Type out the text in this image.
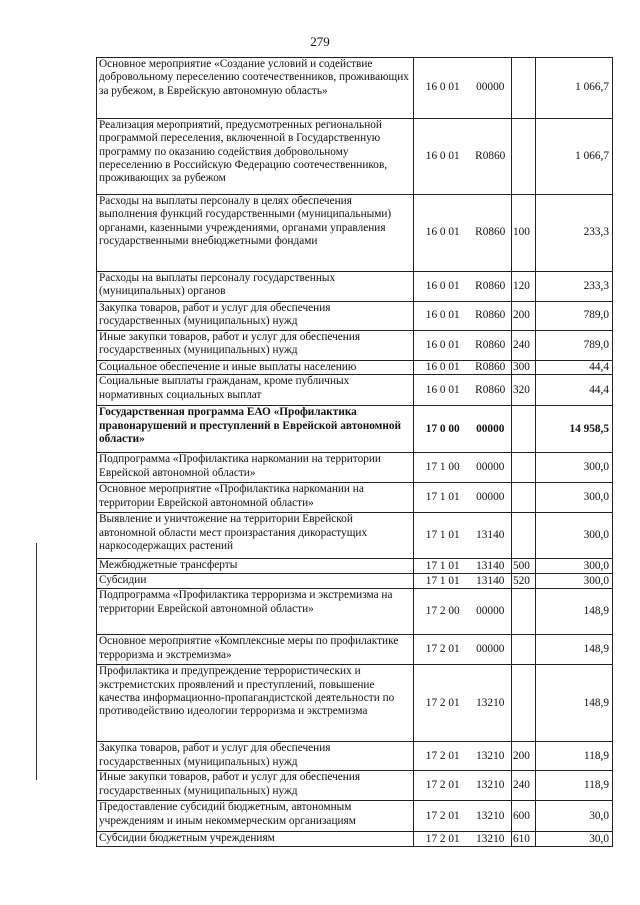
279
Основное мероприятие «Создание условий и содействие добровольному переселению соотечественников, проживающих за рубежом, в Еврейскую автономную область»	16 0 01	00000		1 066,7
Реализация мероприятий, предусмотренных региональной программой переселения, включенной в Государственную программу по оказанию содействия добровольному переселению в Российскую Федерацию соотечественников, проживающих за рубежом	16 0 01	R0860		1 066,7
Расходы на выплаты персоналу в целях обеспечения выполнения функций государственными (муниципальными) органами, казенными учреждениями, органами управления государственными внебюджетными фондами	16 0 01	R0860	100	233,3
Расходы на выплаты персоналу государственных (муниципальных) органов	16 0 01	R0860	120	233,3
Закупка товаров, работ и услуг для обеспечения государственных (муниципальных) нужд	16 0 01	R0860	200	789,0
Иные закупки товаров, работ и услуг для обеспечения государственных (муниципальных) нужд	16 0 01	R0860	240	789,0
Социальное обеспечение и иные выплаты населению	16 0 01	R0860	300	44,4
Социальные выплаты гражданам, кроме публичных нормативных социальных выплат	16 0 01	R0860	320	44,4
Государственная программа ЕАО «Профилактика правонарушений и преступлений в Еврейской автономной области»	17 0 00	00000		14 958,5
Подпрограмма «Профилактика наркомании на территории Еврейской автономной области»	17 1 00	00000		300,0
Основное мероприятие «Профилактика наркомании на территории Еврейской автономной области»	17 1 01	00000		300,0
Выявление и уничтожение на территории Еврейской автономной области мест произрастания дикорастущих наркосодержащих растений	17 1 01	13140		300,0
Межбюджетные трансферты	17 1 01	13140	500	300,0
Субсидии	17 1 01	13140	520	300,0
Подпрограмма «Профилактика терроризма и экстремизма на территории Еврейской автономной области»	17 2 00	00000		148,9
Основное мероприятие «Комплексные меры по профилактике терроризма и экстремизма»	17 2 01	00000		148,9
Профилактика и предупреждение террористических и экстремистских проявлений и преступлений, повышение качества информационно-пропагандистской деятельности по противодействию идеологии терроризма и экстремизма	17 2 01	13210		148,9
Закупка товаров, работ и услуг для обеспечения государственных (муниципальных) нужд	17 2 01	13210	200	118,9
Иные закупки товаров, работ и услуг для обеспечения государственных (муниципальных) нужд	17 2 01	13210	240	118,9
Предоставление субсидий бюджетным, автономным учреждениям и иным некоммерческим организациям	17 2 01	13210	600	30,0
Субсидии бюджетным учреждениям	17 2 01	13210	610	30,0
